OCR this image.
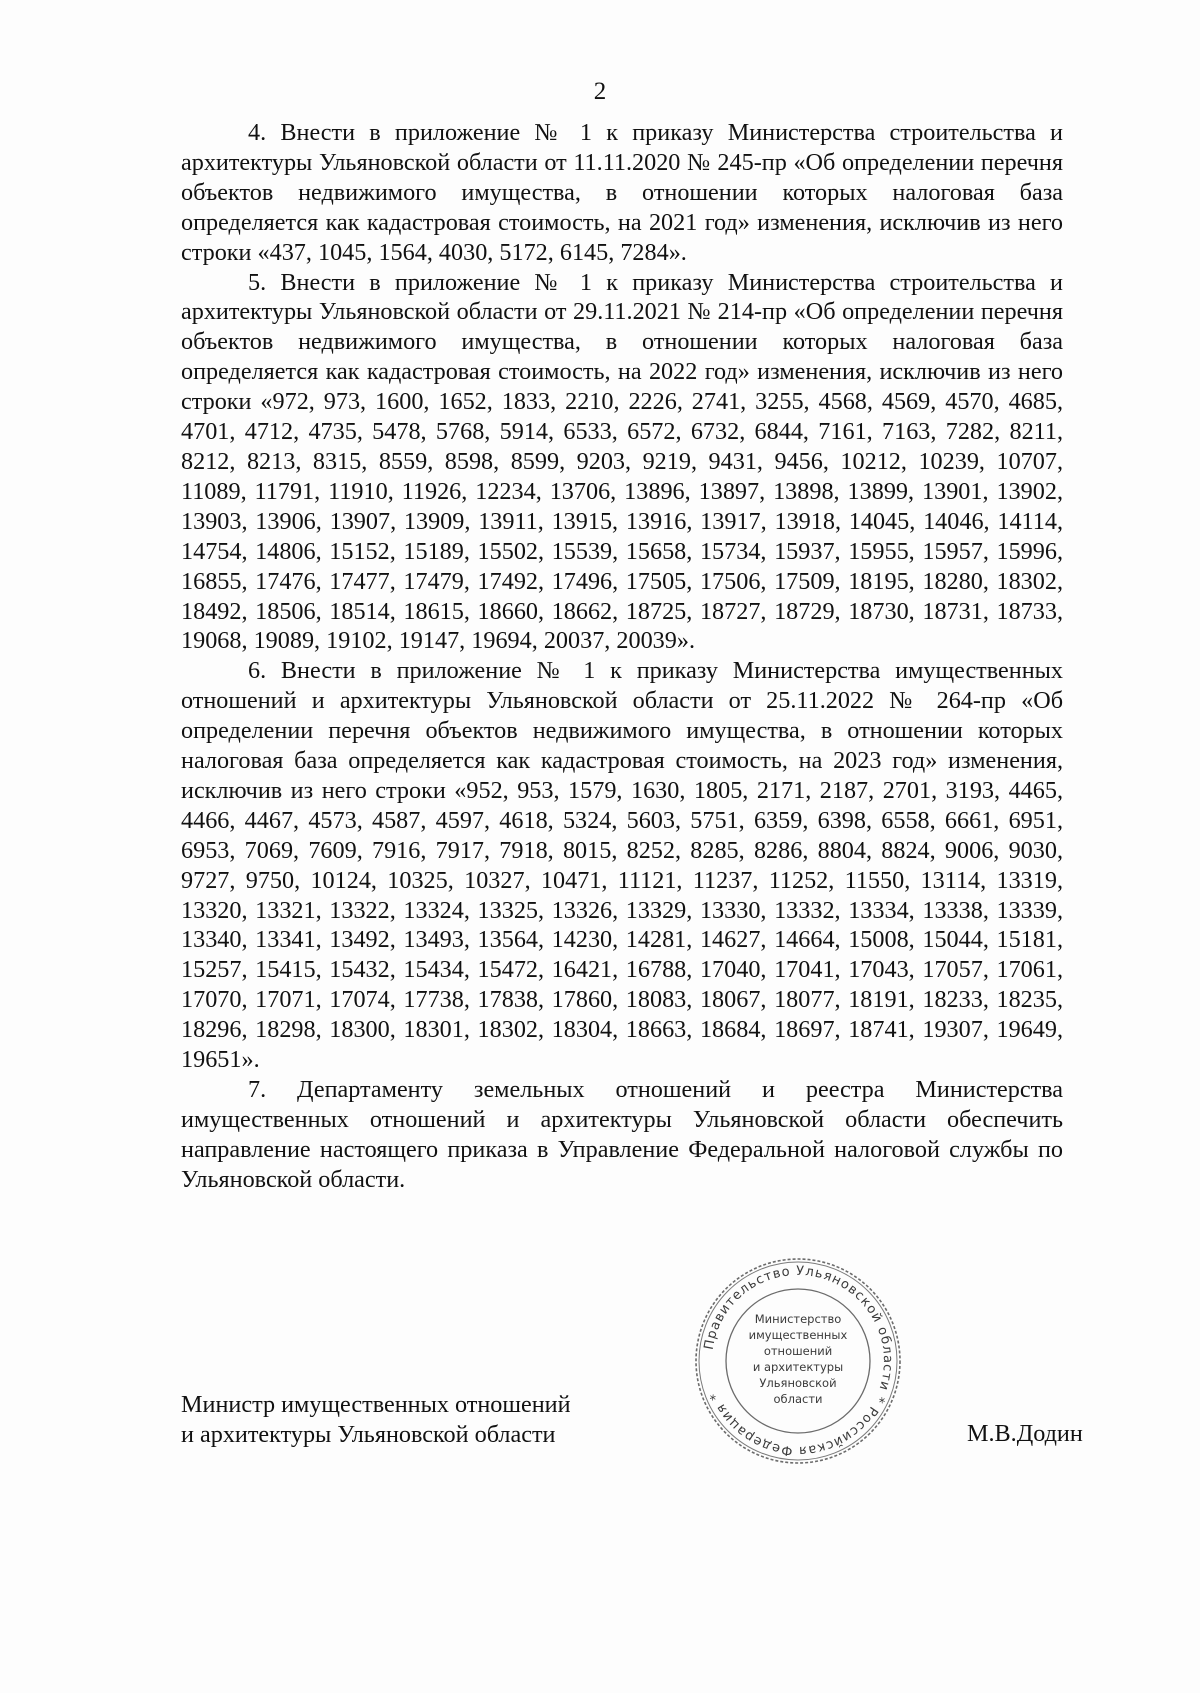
2

4. Внести в приложение № 1 к приказу Министерства строительства и архитектуры Ульяновской области от 11.11.2020 № 245-пр «Об определении перечня объектов недвижимого имущества, в отношении которых налоговая база определяется как кадастровая стоимость, на 2021 год» изменения, исключив из него строки «437, 1045, 1564, 4030, 5172, 6145, 7284».

5. Внести в приложение № 1 к приказу Министерства строительства и архитектуры Ульяновской области от 29.11.2021 № 214-пр «Об определении перечня объектов недвижимого имущества, в отношении которых налоговая база определяется как кадастровая стоимость, на 2022 год» изменения, исключив из него строки «972, 973, 1600, 1652, 1833, 2210, 2226, 2741, 3255, 4568, 4569, 4570, 4685, 4701, 4712, 4735, 5478, 5768, 5914, 6533, 6572, 6732, 6844, 7161, 7163, 7282, 8211, 8212, 8213, 8315, 8559, 8598, 8599, 9203, 9219, 9431, 9456, 10212, 10239, 10707, 11089, 11791, 11910, 11926, 12234, 13706, 13896, 13897, 13898, 13899, 13901, 13902, 13903, 13906, 13907, 13909, 13911, 13915, 13916, 13917, 13918, 14045, 14046, 14114, 14754, 14806, 15152, 15189, 15502, 15539, 15658, 15734, 15937, 15955, 15957, 15996, 16855, 17476, 17477, 17479, 17492, 17496, 17505, 17506, 17509, 18195, 18280, 18302, 18492, 18506, 18514, 18615, 18660, 18662, 18725, 18727, 18729, 18730, 18731, 18733, 19068, 19089, 19102, 19147, 19694, 20037, 20039».

6. Внести в приложение № 1 к приказу Министерства имущественных отношений и архитектуры Ульяновской области от 25.11.2022 № 264-пр «Об определении перечня объектов недвижимого имущества, в отношении которых налоговая база определяется как кадастровая стоимость, на 2023 год» изменения, исключив из него строки «952, 953, 1579, 1630, 1805, 2171, 2187, 2701, 3193, 4465, 4466, 4467, 4573, 4587, 4597, 4618, 5324, 5603, 5751, 6359, 6398, 6558, 6661, 6951, 6953, 7069, 7609, 7916, 7917, 7918, 8015, 8252, 8285, 8286, 8804, 8824, 9006, 9030, 9727, 9750, 10124, 10325, 10327, 10471, 11121, 11237, 11252, 11550, 13114, 13319, 13320, 13321, 13322, 13324, 13325, 13326, 13329, 13330, 13332, 13334, 13338, 13339, 13340, 13341, 13492, 13493, 13564, 14230, 14281, 14627, 14664, 15008, 15044, 15181, 15257, 15415, 15432, 15434, 15472, 16421, 16788, 17040, 17041, 17043, 17057, 17061, 17070, 17071, 17074, 17738, 17838, 17860, 18083, 18067, 18077, 18191, 18233, 18235, 18296, 18298, 18300, 18301, 18302, 18304, 18663, 18684, 18697, 18741, 19307, 19649, 19651».

7. Департаменту земельных отношений и реестра Министерства имущественных отношений и архитектуры Ульяновской области обеспечить направление настоящего приказа в Управление Федеральной налоговой службы по Ульяновской области.

Министр имущественных отношений
и архитектуры Ульяновской области
Правительство Ульяновской области * Российская Федерация *
Министерство
имущественных
отношений
и архитектуры
Ульяновской
области
М.В.Додин
